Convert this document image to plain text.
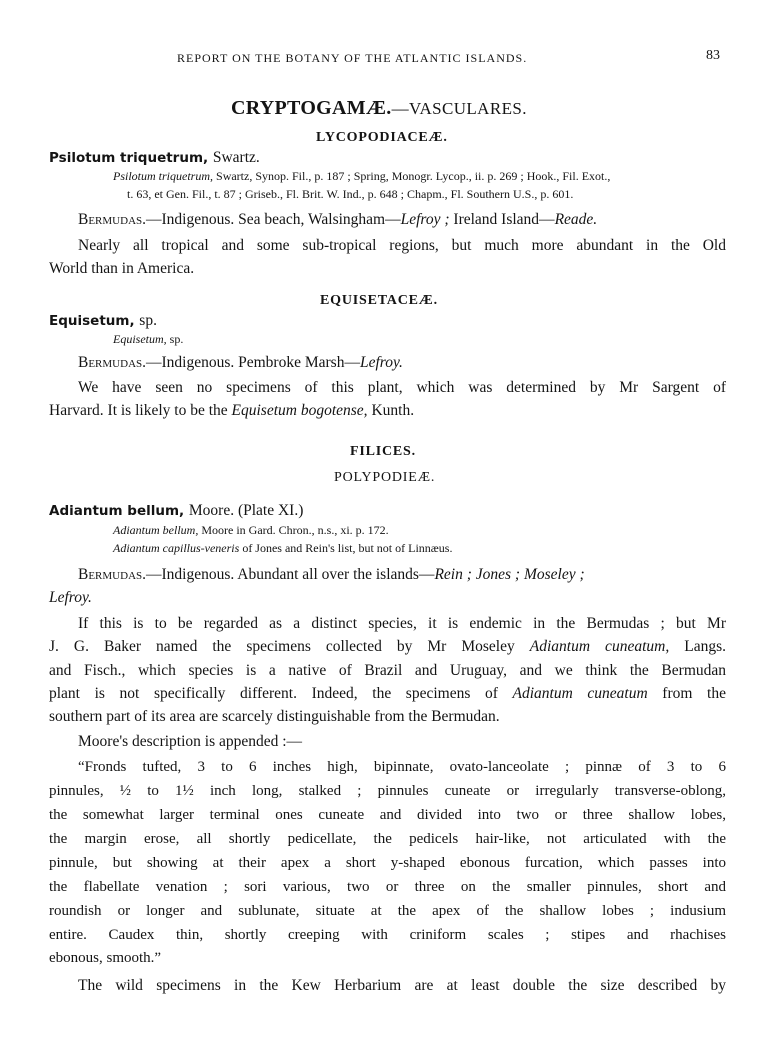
REPORT ON THE BOTANY OF THE ATLANTIC ISLANDS.	83
CRYPTOGAMÆ.—VASCULARES.
LYCOPODIACEÆ.
Psilotum triquetrum, Swartz.
Psilotum triquetrum, Swartz, Synop. Fil., p. 187 ; Spring, Monogr. Lycop., ii. p. 269 ; Hook., Fil. Exot.,
t. 63, et Gen. Fil., t. 87 ; Griseb., Fl. Brit. W. Ind., p. 648 ; Chapm., Fl. Southern U.S., p. 601.
Bermudas.—Indigenous. Sea beach, Walsingham—Lefroy ; Ireland Island—Reade.
Nearly all tropical and some sub-tropical regions, but much more abundant in the Old
World than in America.
EQUISETACEÆ.
Equisetum, sp.
Equisetum, sp.
Bermudas.—Indigenous. Pembroke Marsh—Lefroy.
We have seen no specimens of this plant, which was determined by Mr Sargent of
Harvard. It is likely to be the Equisetum bogotense, Kunth.
FILICES.
POLYPODIEÆ.
Adiantum bellum, Moore. (Plate XI.)
Adiantum bellum, Moore in Gard. Chron., n.s., xi. p. 172.
Adiantum capillus-veneris of Jones and Rein's list, but not of Linnæus.
Bermudas.—Indigenous. Abundant all over the islands—Rein ; Jones ; Moseley ;
Lefroy.
If this is to be regarded as a distinct species, it is endemic in the Bermudas ; but Mr
J. G. Baker named the specimens collected by Mr Moseley Adiantum cuneatum, Langs.
and Fisch., which species is a native of Brazil and Uruguay, and we think the Bermudan
plant is not specifically different. Indeed, the specimens of Adiantum cuneatum from the
southern part of its area are scarcely distinguishable from the Bermudan.
Moore's description is appended :—
“Fronds tufted, 3 to 6 inches high, bipinnate, ovato-lanceolate ; pinnæ of 3 to 6
pinnules, ½ to 1½ inch long, stalked ; pinnules cuneate or irregularly transverse-oblong,
the somewhat larger terminal ones cuneate and divided into two or three shallow lobes,
the margin erose, all shortly pedicellate, the pedicels hair-like, not articulated with the
pinnule, but showing at their apex a short y-shaped ebonous furcation, which passes into
the flabellate venation ; sori various, two or three on the smaller pinnules, short and
roundish or longer and sublunate, situate at the apex of the shallow lobes ; indusium
entire. Caudex thin, shortly creeping with criniform scales ; stipes and rhachises
ebonous, smooth.”
The wild specimens in the Kew Herbarium are at least double the size described by
